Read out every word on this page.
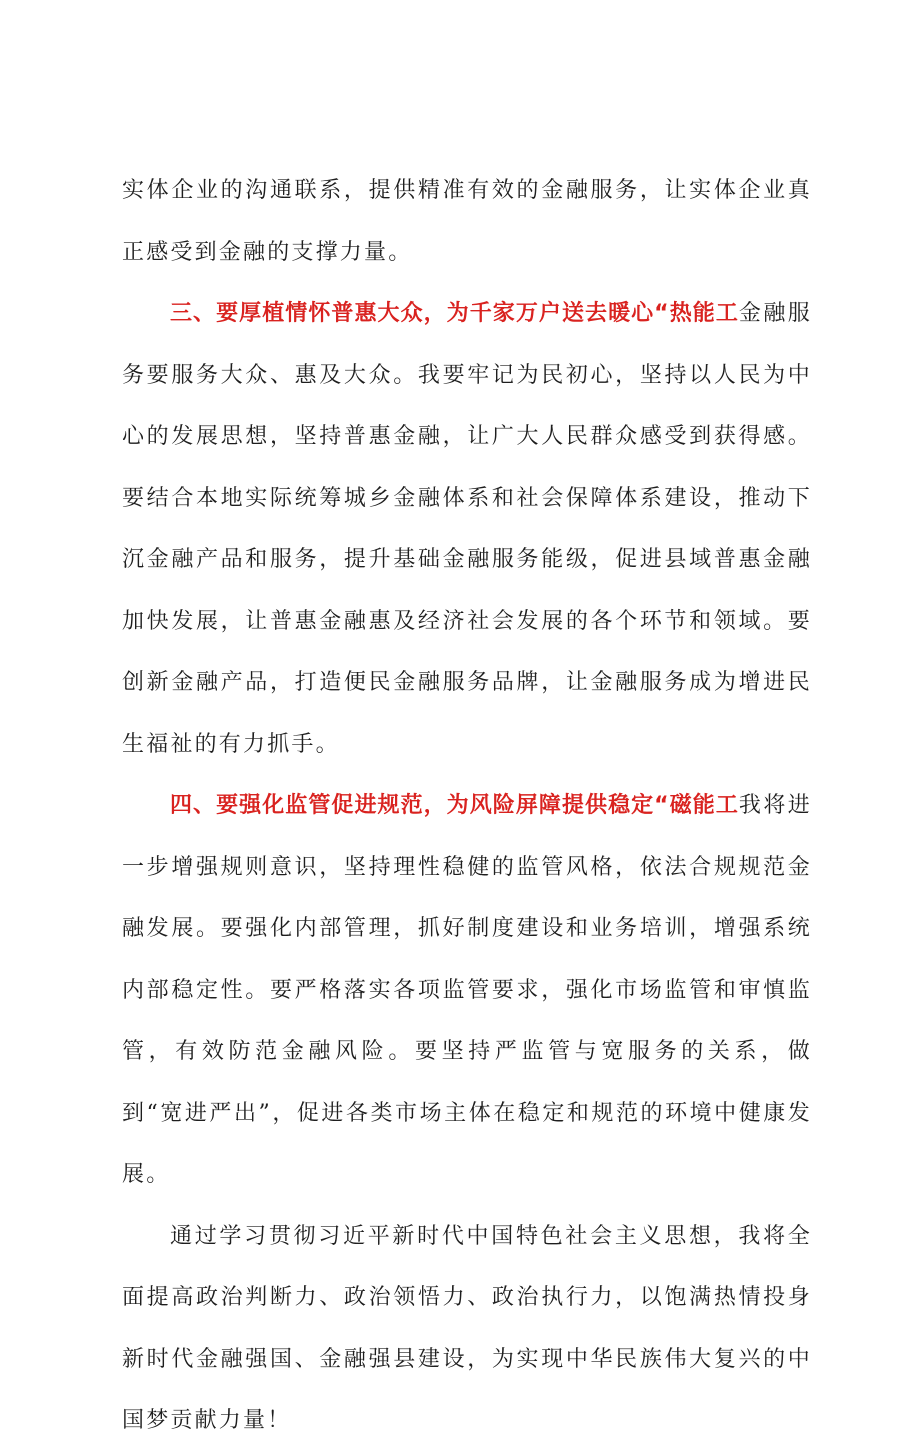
实体企业的沟通联系，提供精准有效的金融服务，让实体企业真正感受到金融的支撑力量。

三、要厚植情怀普惠大众，为千家万户送去暖心“热能工金融服务要服务大众、惠及大众。我要牢记为民初心，坚持以人民为中心的发展思想，坚持普惠金融，让广大人民群众感受到获得感。要结合本地实际统筹城乡金融体系和社会保障体系建设，推动下沉金融产品和服务，提升基础金融服务能级，促进县域普惠金融加快发展，让普惠金融惠及经济社会发展的各个环节和领域。要创新金融产品，打造便民金融服务品牌，让金融服务成为增进民生福祉的有力抓手。

四、要强化监管促进规范，为风险屏障提供稳定“磁能工我将进一步增强规则意识，坚持理性稳健的监管风格，依法合规规范金融发展。要强化内部管理，抓好制度建设和业务培训，增强系统内部稳定性。要严格落实各项监管要求，强化市场监管和审慎监管，有效防范金融风险。要坚持严监管与宽服务的关系，做到“宽进严出”，促进各类市场主体在稳定和规范的环境中健康发展。

通过学习贯彻习近平新时代中国特色社会主义思想，我将全面提高政治判断力、政治领悟力、政治执行力，以饱满热情投身新时代金融强国、金融强县建设，为实现中华民族伟大复兴的中国梦贡献力量！
